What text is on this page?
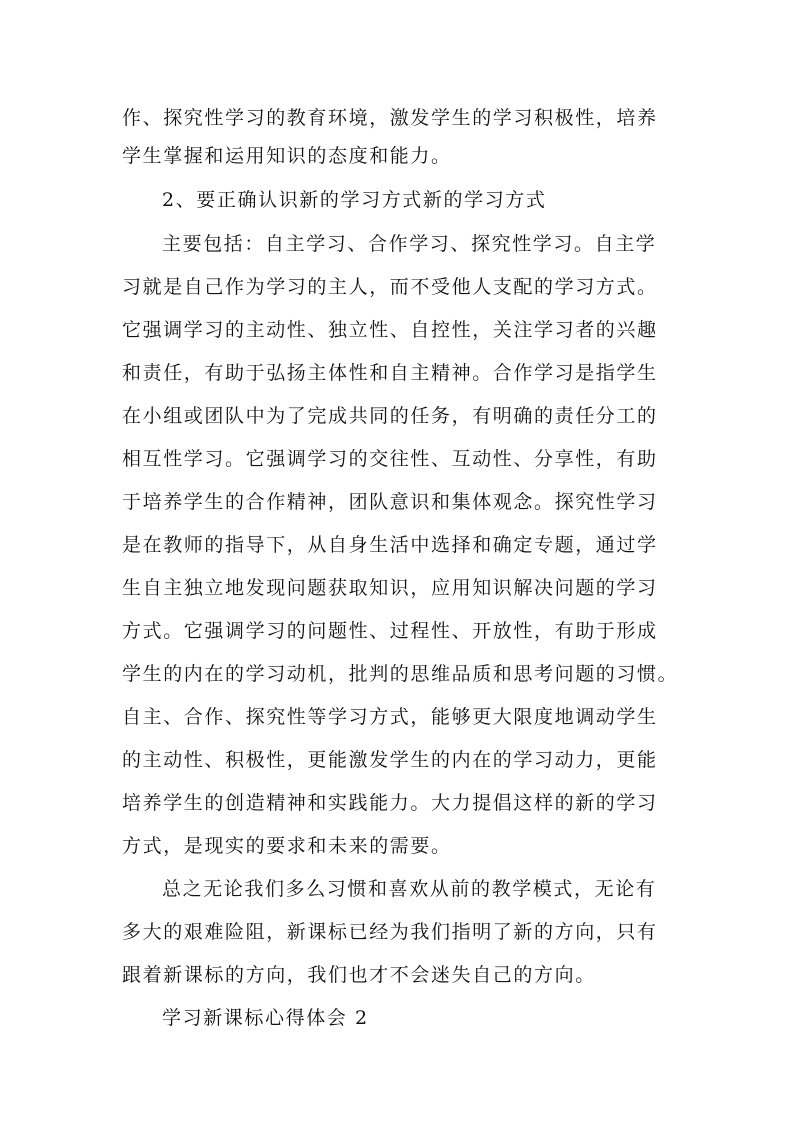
作、探究性学习的教育环境，激发学生的学习积极性，培养
学生掌握和运用知识的态度和能力。
2、要正确认识新的学习方式新的学习方式
主要包括：自主学习、合作学习、探究性学习。自主学
习就是自己作为学习的主人，而不受他人支配的学习方式。
它强调学习的主动性、独立性、自控性，关注学习者的兴趣
和责任，有助于弘扬主体性和自主精神。合作学习是指学生
在小组或团队中为了完成共同的任务，有明确的责任分工的
相互性学习。它强调学习的交往性、互动性、分享性，有助
于培养学生的合作精神，团队意识和集体观念。探究性学习
是在教师的指导下，从自身生活中选择和确定专题，通过学
生自主独立地发现问题获取知识，应用知识解决问题的学习
方式。它强调学习的问题性、过程性、开放性，有助于形成
学生的内在的学习动机，批判的思维品质和思考问题的习惯。
自主、合作、探究性等学习方式，能够更大限度地调动学生
的主动性、积极性，更能激发学生的内在的学习动力，更能
培养学生的创造精神和实践能力。大力提倡这样的新的学习
方式，是现实的要求和未来的需要。
总之无论我们多么习惯和喜欢从前的教学模式，无论有
多大的艰难险阻，新课标已经为我们指明了新的方向，只有
跟着新课标的方向，我们也才不会迷失自己的方向。
学习新课标心得体会 2
